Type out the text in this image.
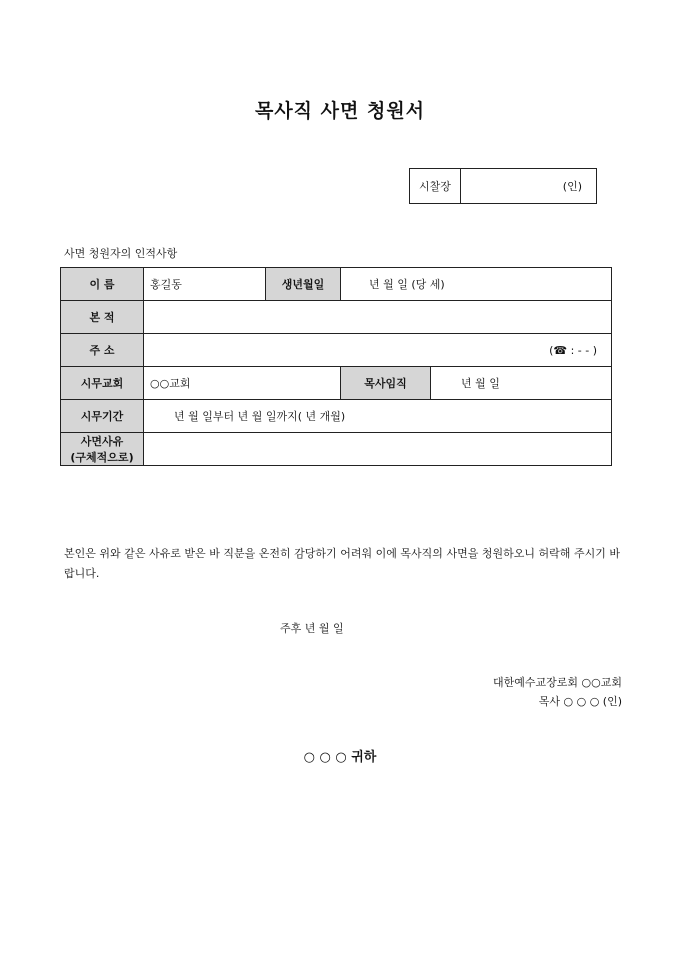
목사직 사면 청원서
시찰장	(인)
사면 청원자의 인적사항
이 름	홍길동	생년월일	년 월 일 (당 세)	
본 적				
주 소	(☎ : - - )			
시무교회	○○교회		목사임직	년 월 일
시무기간	년 월 일부터 년 월 일까지( 년 개월)			

사면사유
(구체적으로)				

본인은 위와 같은 사유로 받은 바 직분을 온전히 감당하기 어려워 이에 목사직의 사면을 청원하오니 허락해 주시기 바랍니다.
주후 년 월 일
대한예수교장로회 ○○교회
목사 ○ ○ ○ (인)
○ ○ ○ 귀하
